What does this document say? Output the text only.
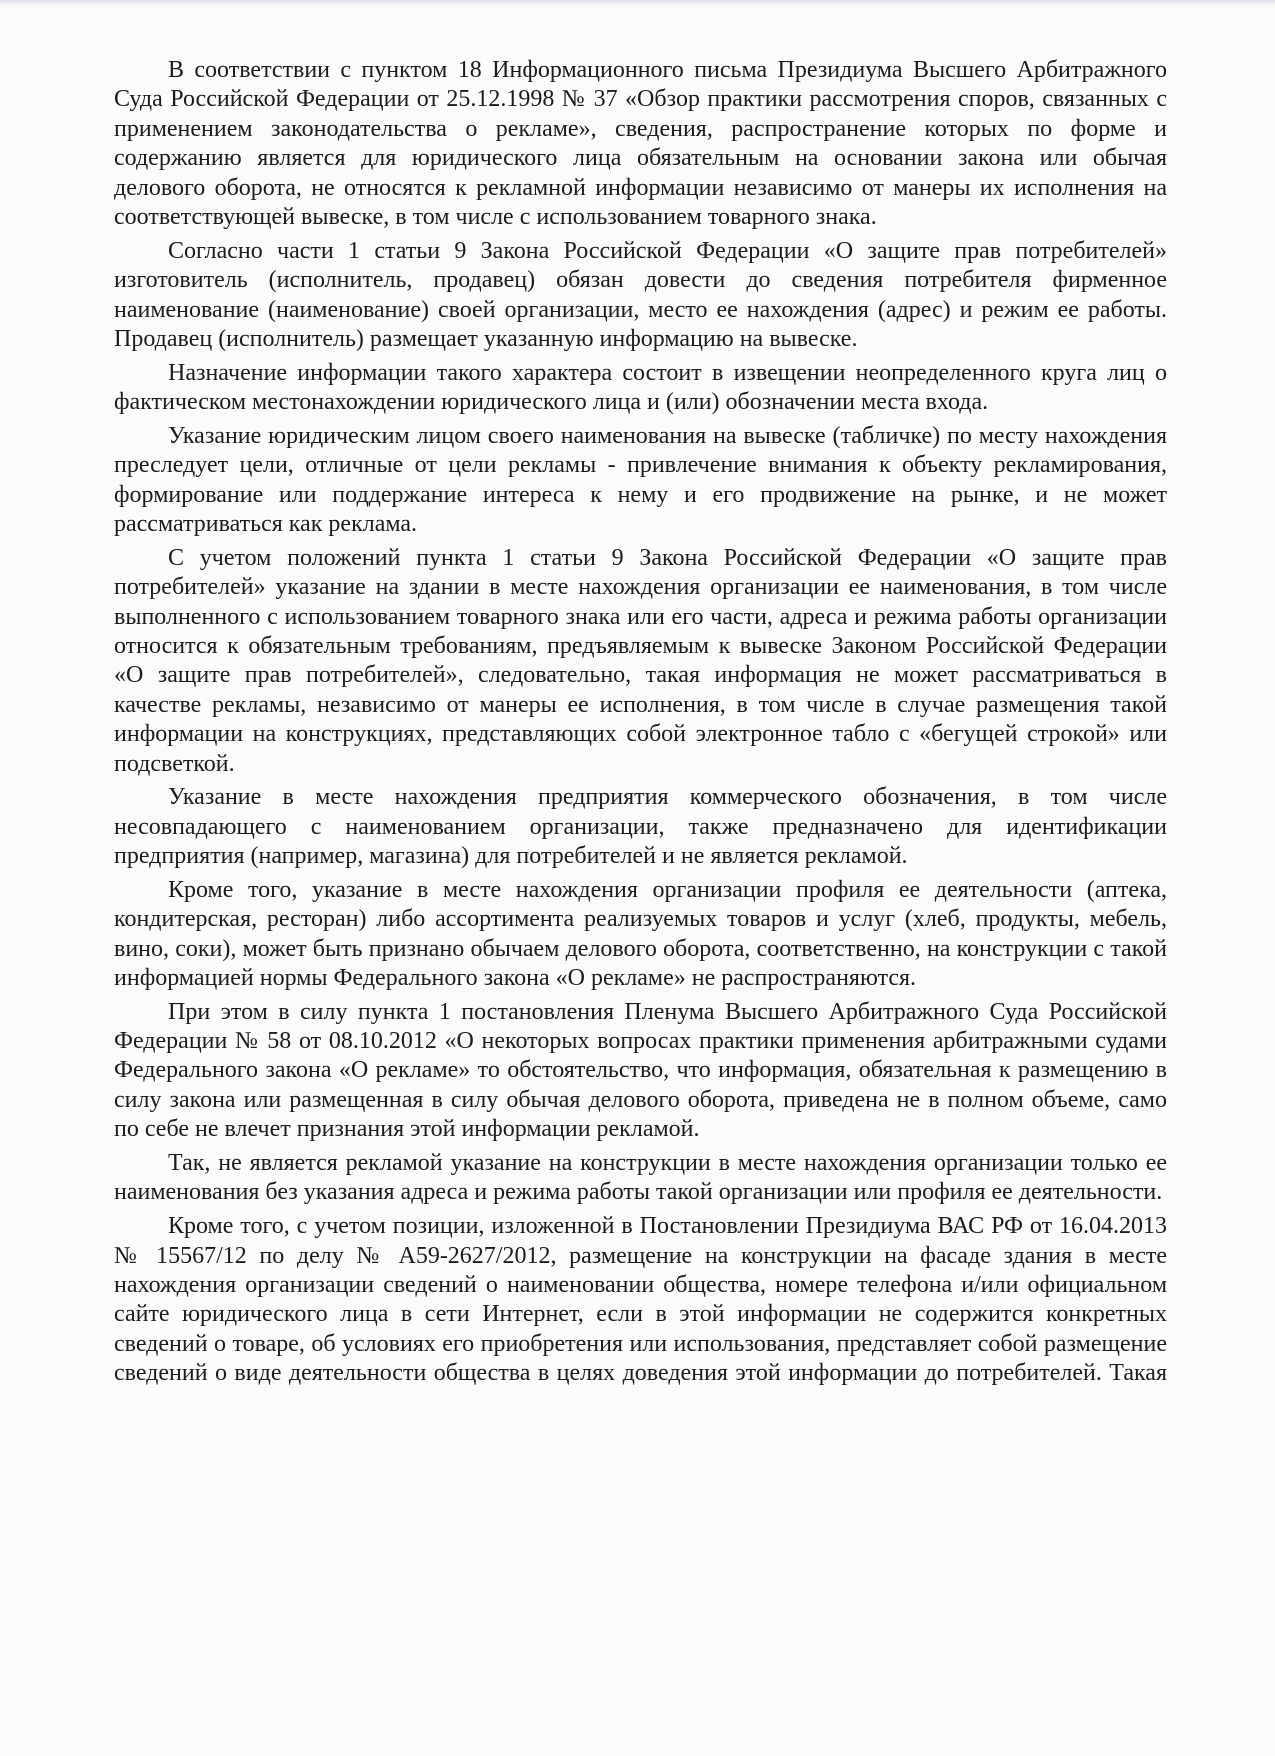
В соответствии с пунктом 18 Информационного письма Президиума Высшего Арбитражного Суда Российской Федерации от 25.12.1998 № 37 «Обзор практики рассмотрения споров, связанных с применением законодательства о рекламе», сведения, распространение которых по форме и содержанию является для юридического лица обязательным на основании закона или обычая делового оборота, не относятся к рекламной информации независимо от манеры их исполнения на соответствующей вывеске, в том числе с использованием товарного знака.

Согласно части 1 статьи 9 Закона Российской Федерации «О защите прав потребителей» изготовитель (исполнитель, продавец) обязан довести до сведения потребителя фирменное наименование (наименование) своей организации, место ее нахождения (адрес) и режим ее работы. Продавец (исполнитель) размещает указанную информацию на вывеске.

Назначение информации такого характера состоит в извещении неопределенного круга лиц о фактическом местонахождении юридического лица и (или) обозначении места входа.

Указание юридическим лицом своего наименования на вывеске (табличке) по месту нахождения преследует цели, отличные от цели рекламы - привлечение внимания к объекту рекламирования, формирование или поддержание интереса к нему и его продвижение на рынке, и не может рассматриваться как реклама.

С учетом положений пункта 1 статьи 9 Закона Российской Федерации «О защите прав потребителей» указание на здании в месте нахождения организации ее наименования, в том числе выполненного с использованием товарного знака или его части, адреса и режима работы организации относится к обязательным требованиям, предъявляемым к вывеске Законом Российской Федерации «О защите прав потребителей», следовательно, такая информация не может рассматриваться в качестве рекламы, независимо от манеры ее исполнения, в том числе в случае размещения такой информации на конструкциях, представляющих собой электронное табло с «бегущей строкой» или подсветкой.

Указание в месте нахождения предприятия коммерческого обозначения, в том числе несовпадающего с наименованием организации, также предназначено для идентификации предприятия (например, магазина) для потребителей и не является рекламой.

Кроме того, указание в месте нахождения организации профиля ее деятельности (аптека, кондитерская, ресторан) либо ассортимента реализуемых товаров и услуг (хлеб, продукты, мебель, вино, соки), может быть признано обычаем делового оборота, соответственно, на конструкции с такой информацией нормы Федерального закона «О рекламе» не распространяются.

При этом в силу пункта 1 постановления Пленума Высшего Арбитражного Суда Российской Федерации № 58 от 08.10.2012 «О некоторых вопросах практики применения арбитражными судами Федерального закона «О рекламе» то обстоятельство, что информация, обязательная к размещению в силу закона или размещенная в силу обычая делового оборота, приведена не в полном объеме, само по себе не влечет признания этой информации рекламой.

Так, не является рекламой указание на конструкции в месте нахождения организации только ее наименования без указания адреса и режима работы такой организации или профиля ее деятельности.

Кроме того, с учетом позиции, изложенной в Постановлении Президиума ВАС РФ от 16.04.2013 № 15567/12 по делу № А59-2627/2012, размещение на конструкции на фасаде здания в месте нахождения организации сведений о наименовании общества, номере телефона и/или официальном сайте юридического лица в сети Интернет, если в этой информации не содержится конкретных сведений о товаре, об условиях его приобретения или использования, представляет собой размещение сведений о виде деятельности общества в целях доведения этой информации до потребителей. Такая
